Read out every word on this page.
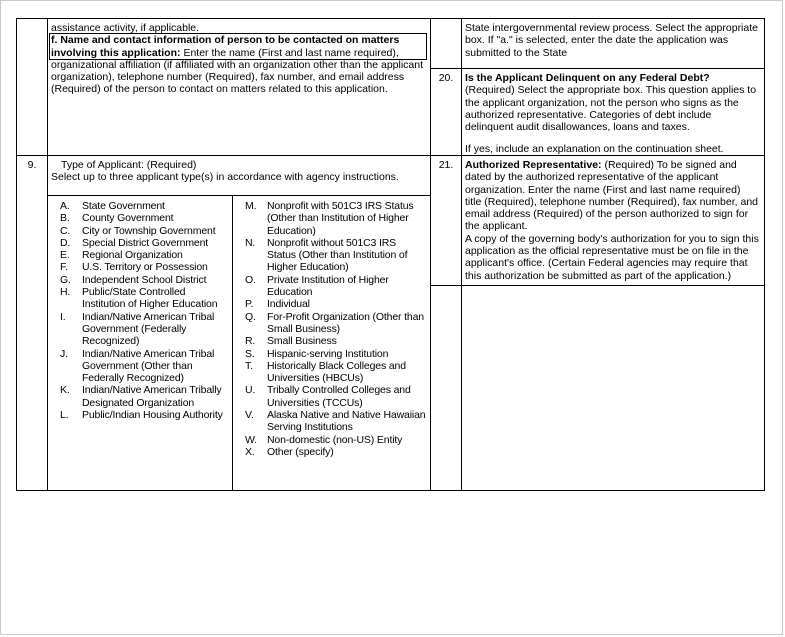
assistance activity, if applicable.

f. Name and contact information of person to be contacted on matters involving this application: Enter the name (First and last name required), organizational affiliation (if affiliated with an organization other than the applicant organization), telephone number (Required), fax number, and email address (Required) of the person to contact on matters related to this application.

9.	Type of Applicant: (Required)
Select up to three applicant type(s) in accordance with agency instructions.
A.	State Government
B.	County Government
C.	City or Township Government
D.	Special District Government
E.	Regional Organization
F.	U.S. Territory or Possession
G.	Independent School District
H.	Public/State Controlled Institution of Higher Education
I.	Indian/Native American Tribal Government (Federally Recognized)
J.	Indian/Native American Tribal Government (Other than Federally Recognized)
K.	Indian/Native American Tribally Designated Organization
L.	Public/Indian Housing Authority
M.	Nonprofit with 501C3 IRS Status (Other than Institution of Higher Education)
N.	Nonprofit without 501C3 IRS Status (Other than Institution of Higher Education)
O.	Private Institution of Higher Education
P.	Individual
Q.	For-Profit Organization (Other than Small Business)
R.	Small Business
S.	Hispanic-serving Institution
T.	Historically Black Colleges and Universities (HBCUs)
U.	Tribally Controlled Colleges and Universities (TCCUs)
V.	Alaska Native and Native Hawaiian Serving Institutions
W. Non-domestic (non-US) Entity
X.	Other (specify)

State intergovernmental review process. Select the appropriate box. If "a." is selected, enter the date the application was submitted to the State

20.	Is the Applicant Delinquent on any Federal Debt? (Required) Select the appropriate box. This question applies to the applicant organization, not the person who signs as the authorized representative. Categories of debt include delinquent audit disallowances, loans and taxes.

If yes, include an explanation on the continuation sheet.

21.	Authorized Representative: (Required) To be signed and dated by the authorized representative of the applicant organization. Enter the name (First and last name required) title (Required), telephone number (Required), fax number, and email address (Required) of the person authorized to sign for the applicant.

A copy of the governing body's authorization for you to sign this application as the official representative must be on file in the applicant's office. (Certain Federal agencies may require that this authorization be submitted as part of the application.)
